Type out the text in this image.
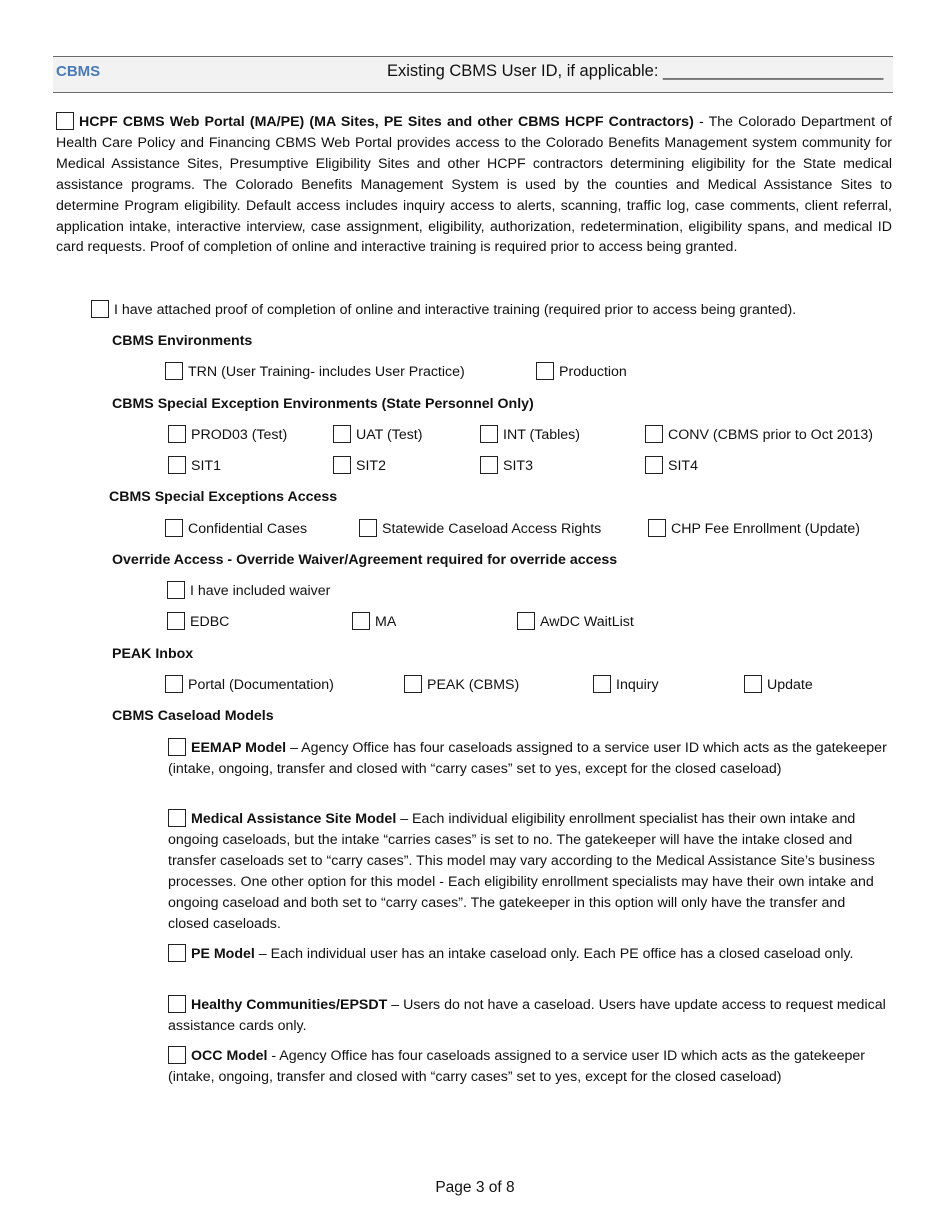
CBMS	Existing CBMS User ID, if applicable: ________________________
HCPF CBMS Web Portal (MA/PE) (MA Sites, PE Sites and other CBMS HCPF Contractors) - The Colorado Department of Health Care Policy and Financing CBMS Web Portal provides access to the Colorado Benefits Management system community for Medical Assistance Sites, Presumptive Eligibility Sites and other HCPF contractors determining eligibility for the State medical assistance programs. The Colorado Benefits Management System is used by the counties and Medical Assistance Sites to determine Program eligibility. Default access includes inquiry access to alerts, scanning, traffic log, case comments, client referral, application intake, interactive interview, case assignment, eligibility, authorization, redetermination, eligibility spans, and medical ID card requests. Proof of completion of online and interactive training is required prior to access being granted.
I have attached proof of completion of online and interactive training (required prior to access being granted).
CBMS Environments
TRN (User Training- includes User Practice)	Production
CBMS Special Exception Environments (State Personnel Only)
PROD03 (Test)	UAT (Test)	INT (Tables)	CONV (CBMS prior to Oct 2013)
SIT1	SIT2	SIT3	SIT4
CBMS Special Exceptions Access
Confidential Cases	Statewide Caseload Access Rights	CHP Fee Enrollment (Update)
Override Access - Override Waiver/Agreement required for override access
I have included waiver
EDBC	MA	AwDC WaitList
PEAK Inbox
Portal (Documentation)	PEAK (CBMS)	Inquiry	Update
CBMS Caseload Models
EEMAP Model – Agency Office has four caseloads assigned to a service user ID which acts as the gatekeeper (intake, ongoing, transfer and closed with “carry cases” set to yes, except for the closed caseload)
Medical Assistance Site Model – Each individual eligibility enrollment specialist has their own intake and ongoing caseloads, but the intake “carries cases” is set to no. The gatekeeper will have the intake closed and transfer caseloads set to “carry cases”. This model may vary according to the Medical Assistance Site’s business processes. One other option for this model - Each eligibility enrollment specialists may have their own intake and ongoing caseload and both set to “carry cases”. The gatekeeper in this option will only have the transfer and closed caseloads.
PE Model – Each individual user has an intake caseload only. Each PE office has a closed caseload only.
Healthy Communities/EPSDT – Users do not have a caseload. Users have update access to request medical assistance cards only.
OCC Model - Agency Office has four caseloads assigned to a service user ID which acts as the gatekeeper (intake, ongoing, transfer and closed with “carry cases” set to yes, except for the closed caseload)
Page 3 of 8
